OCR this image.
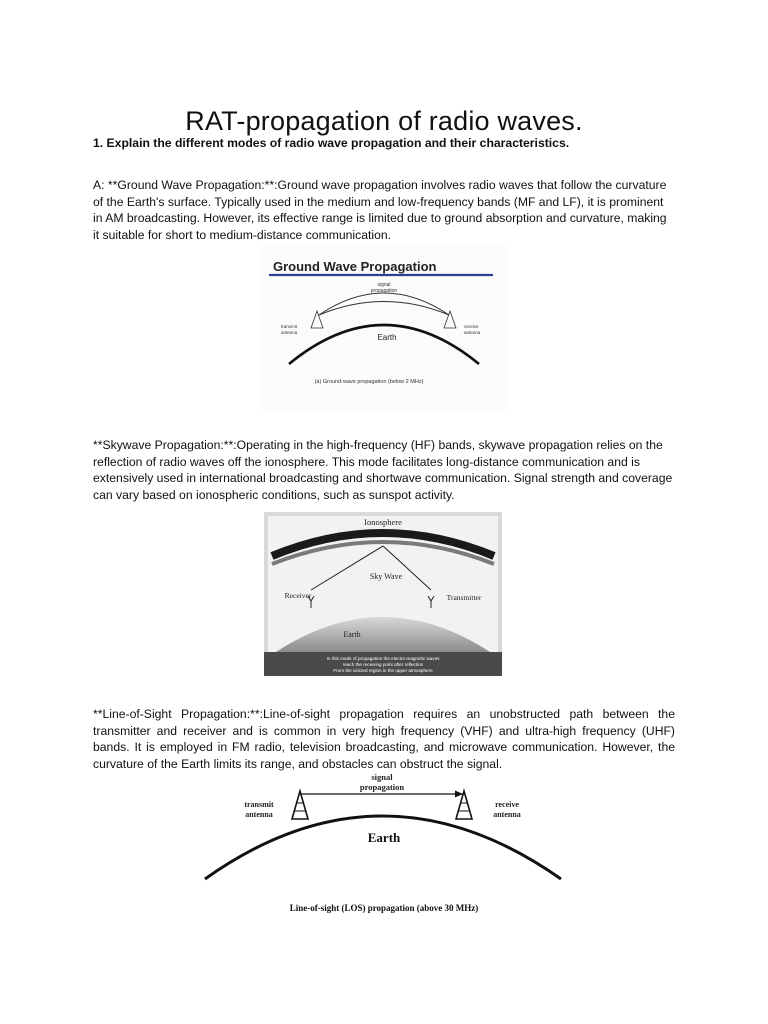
RAT-propagation of radio waves.
1. Explain the different modes of radio wave propagation and their characteristics.

A: **Ground Wave Propagation:**:Ground wave propagation involves radio waves that follow the curvature of the Earth's surface. Typically used in the medium and low-frequency bands (MF and LF), it is prominent in AM broadcasting. However, its effective range is limited due to ground absorption and curvature, making it suitable for short to medium-distance communication.

Ground Wave Propagation
signal
propagation
transmit
antenna
receive
antenna
Earth
(a) Ground-wave propagation (below 2 MHz)

**Skywave Propagation:**:Operating in the high-frequency (HF) bands, skywave propagation relies on the reflection of radio waves off the ionosphere. This mode facilitates long-distance communication and is extensively used in international broadcasting and shortwave communication. Signal strength and coverage can vary based on ionospheric conditions, such as sunspot activity.

Ionosphere
Sky Wave
Receiver	Transmitter
Earth
In this mode of propagation the electro-magnetic waves
reach the receiving point after reflection
From the ionized region in the upper atmosphere

**Line-of-Sight Propagation:**:Line-of-sight propagation requires an unobstructed path between the transmitter and receiver and is common in very high frequency (VHF) and ultra-high frequency (UHF) bands. It is employed in FM radio, television broadcasting, and microwave communication. However, the curvature of the Earth limits its range, and obstacles can obstruct the signal.

signal
propagation
transmit
antenna
receive
antenna
Earth
Line-of-sight (LOS) propagation (above 30 MHz)
